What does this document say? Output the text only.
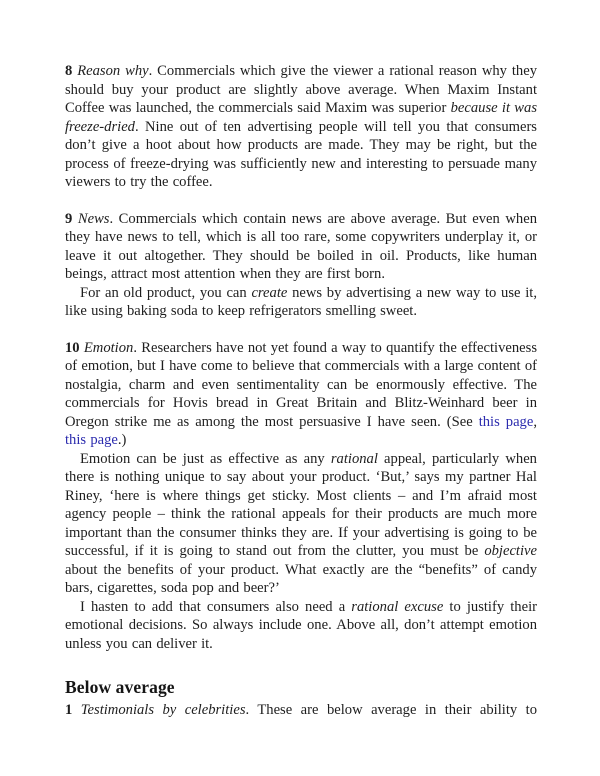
8 Reason why. Commercials which give the viewer a rational reason why they should buy your product are slightly above average. When Maxim Instant Coffee was launched, the commercials said Maxim was superior because it was freeze-dried. Nine out of ten advertising people will tell you that consumers don’t give a hoot about how products are made. They may be right, but the process of freeze-drying was sufficiently new and interesting to persuade many viewers to try the coffee.

9 News. Commercials which contain news are above average. But even when they have news to tell, which is all too rare, some copywriters underplay it, or leave it out altogether. They should be boiled in oil. Products, like human beings, attract most attention when they are first born.

For an old product, you can create news by advertising a new way to use it, like using baking soda to keep refrigerators smelling sweet.

10 Emotion. Researchers have not yet found a way to quantify the effectiveness of emotion, but I have come to believe that commercials with a large content of nostalgia, charm and even sentimentality can be enormously effective. The commercials for Hovis bread in Great Britain and Blitz-Weinhard beer in Oregon strike me as among the most persuasive I have seen. (See this page, this page.)

Emotion can be just as effective as any rational appeal, particularly when there is nothing unique to say about your product. ‘But,’ says my partner Hal Riney, ‘here is where things get sticky. Most clients – and I’m afraid most agency people – think the rational appeals for their products are much more important than the consumer thinks they are. If your advertising is going to be successful, if it is going to stand out from the clutter, you must be objective about the benefits of your product. What exactly are the “benefits” of candy bars, cigarettes, soda pop and beer?’

I hasten to add that consumers also need a rational excuse to justify their emotional decisions. So always include one. Above all, don’t attempt emotion unless you can deliver it.

Below average

1 Testimonials by celebrities. These are below average in their ability to
